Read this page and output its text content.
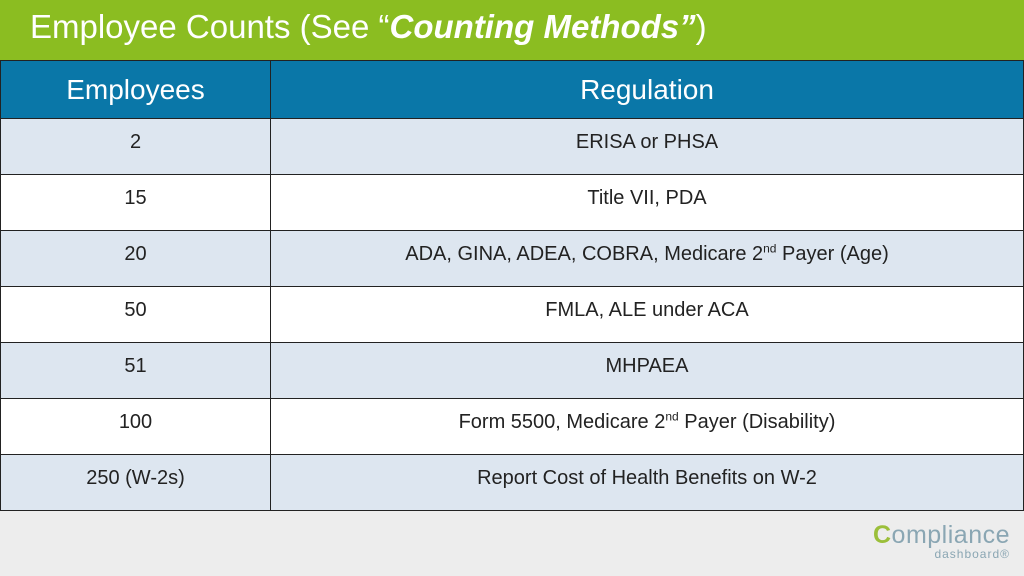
Employee Counts (See “Counting Methods”)
Employees	Regulation
2	ERISA or PHSA
15	Title VII, PDA
20	ADA, GINA, ADEA, COBRA, Medicare 2nd Payer (Age)
50	FMLA, ALE under ACA
51	MHPAEA
100	Form 5500, Medicare 2nd Payer (Disability)
250 (W-2s)	Report Cost of Health Benefits on W-2
Compliance
dashboard®
